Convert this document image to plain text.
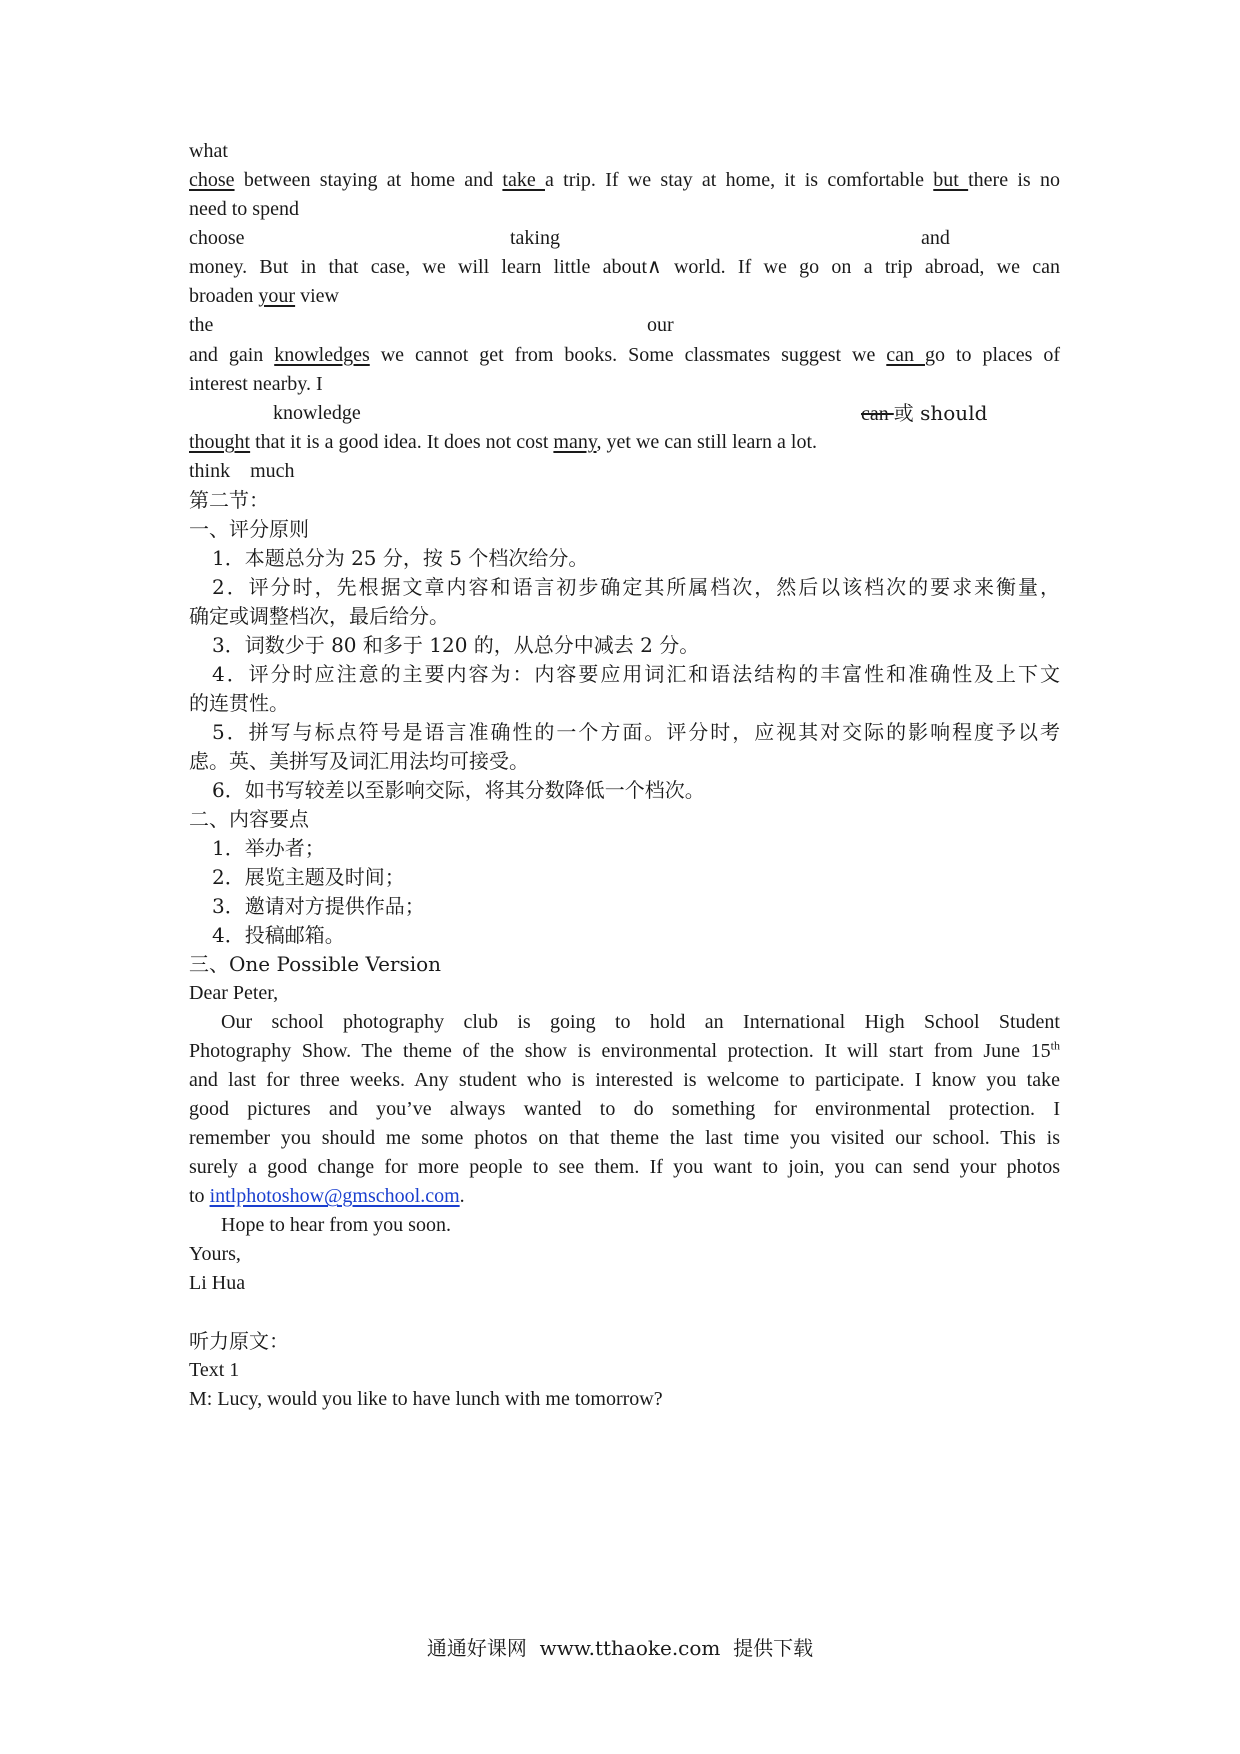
what
chose between staying at home and take a trip. If we stay at home, it is comfortable but there is no
need to spend
choose	taking	and
money. But in that case, we will learn little about∧ world. If we go on a trip abroad, we can
broaden your view
the	our
and gain knowledges we cannot get from books. Some classmates suggest we can go to places of
interest nearby. I
knowledge	can 或 should
thought that it is a good idea. It does not cost many, yet we can still learn a lot.
think    much
第二节：
一、评分原则
1．本题总分为 25 分，按 5 个档次给分。
2．评分时，先根据文章内容和语言初步确定其所属档次，然后以该档次的要求来衡量，
确定或调整档次，最后给分。
3．词数少于 80 和多于 120 的，从总分中减去 2 分。
4．评分时应注意的主要内容为：内容要应用词汇和语法结构的丰富性和准确性及上下文
的连贯性。
5．拼写与标点符号是语言准确性的一个方面。评分时，应视其对交际的影响程度予以考
虑。英、美拼写及词汇用法均可接受。
6．如书写较差以至影响交际，将其分数降低一个档次。
二、内容要点
1．举办者；
2．展览主题及时间；
3．邀请对方提供作品；
4．投稿邮箱。
三、One Possible Version
Dear Peter,
Our school photography club is going to hold an International High School Student
Photography Show. The theme of the show is environmental protection. It will start from June 15th
and last for three weeks. Any student who is interested is welcome to participate. I know you take
good pictures and you’ve always wanted to do something for environmental protection. I
remember you should me some photos on that theme the last time you visited our school. This is
surely a good change for more people to see them. If you want to join, you can send your photos
to intlphotoshow@gmschool.com.
Hope to hear from you soon.
Yours,
Li Hua
听力原文：
Text 1
M: Lucy, would you like to have lunch with me tomorrow?
通通好课网  www.tthaoke.com  提供下载
